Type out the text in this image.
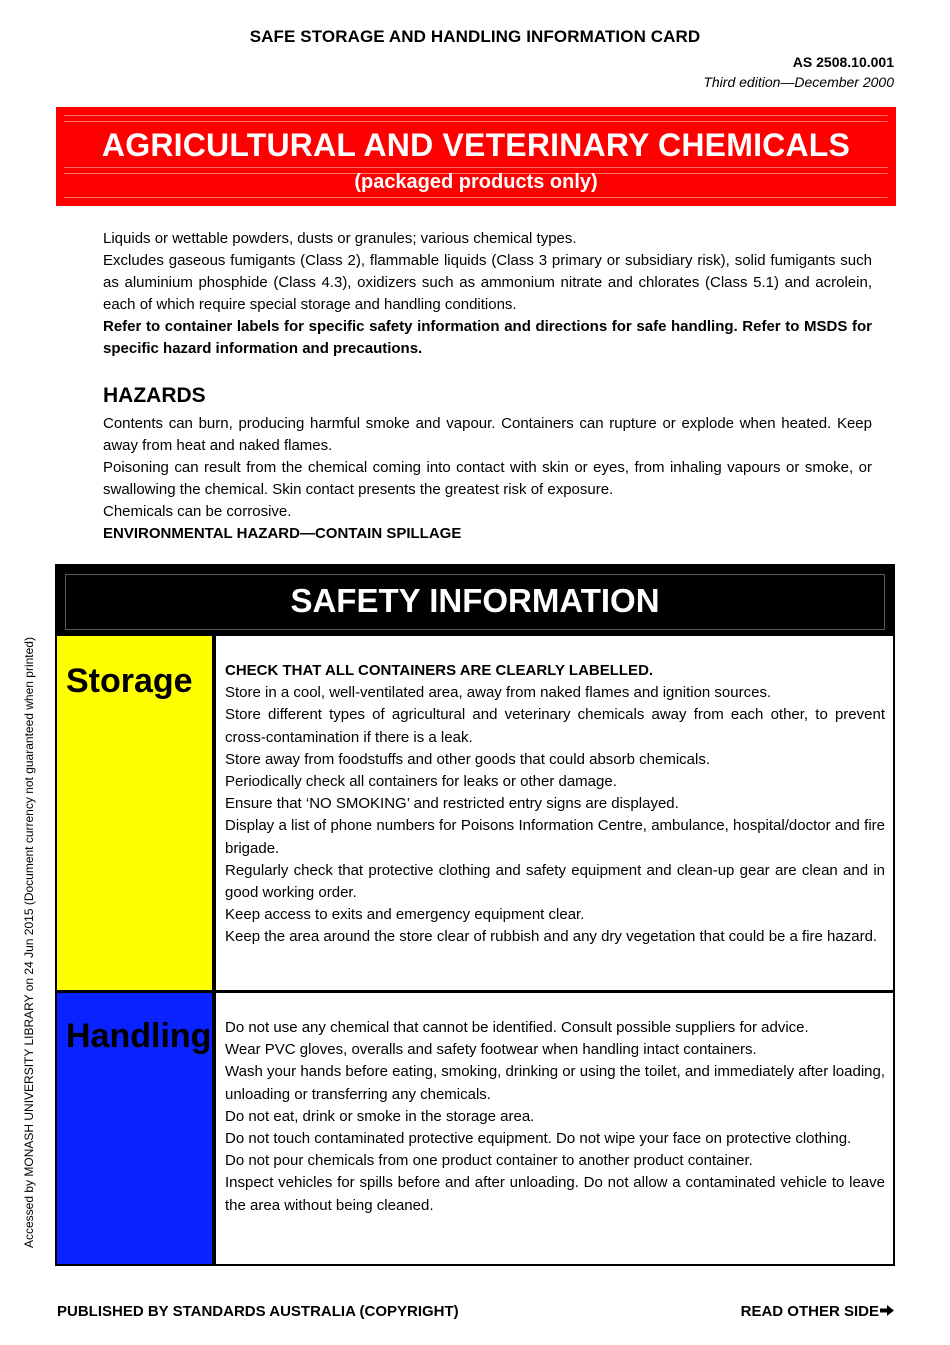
SAFE STORAGE AND HANDLING INFORMATION CARD
AS 2508.10.001
Third edition—December 2000
AGRICULTURAL AND VETERINARY CHEMICALS
(packaged products only)

Liquids or wettable powders, dusts or granules; various chemical types.

Excludes gaseous fumigants (Class 2), flammable liquids (Class 3 primary or subsidiary risk), solid fumigants such as aluminium phosphide (Class 4.3), oxidizers such as ammonium nitrate and chlorates (Class 5.1) and acrolein, each of which require special storage and handling conditions.

Refer to container labels for specific safety information and directions for safe handling. Refer to MSDS for specific hazard information and precautions.

HAZARDS

Contents can burn, producing harmful smoke and vapour. Containers can rupture or explode when heated. Keep away from heat and naked flames.

Poisoning can result from the chemical coming into contact with skin or eyes, from inhaling vapours or smoke, or swallowing the chemical. Skin contact presents the greatest risk of exposure.

Chemicals can be corrosive.

ENVIRONMENTAL HAZARD—CONTAIN SPILLAGE

SAFETY INFORMATION
Storage CHECK THAT ALL CONTAINERS ARE CLEARLY LABELLED.

Store in a cool, well-ventilated area, away from naked flames and ignition sources.

Store different types of agricultural and veterinary chemicals away from each other, to prevent cross-contamination if there is a leak.

Store away from foodstuffs and other goods that could absorb chemicals.

Periodically check all containers for leaks or other damage.

Ensure that ‘NO SMOKING’ and restricted entry signs are displayed.

Display a list of phone numbers for Poisons Information Centre, ambulance, hospital/doctor and fire brigade.

Regularly check that protective clothing and safety equipment and clean-up gear are clean and in good working order.

Keep access to exits and emergency equipment clear.

Keep the area around the store clear of rubbish and any dry vegetation that could be a fire hazard.

Handling Do not use any chemical that cannot be identified. Consult possible suppliers for advice.

Wear PVC gloves, overalls and safety footwear when handling intact containers.

Wash your hands before eating, smoking, drinking or using the toilet, and immediately after loading, unloading or transferring any chemicals.

Do not eat, drink or smoke in the storage area.

Do not touch contaminated protective equipment. Do not wipe your face on protective clothing.

Do not pour chemicals from one product container to another product container.

Inspect vehicles for spills before and after unloading. Do not allow a contaminated vehicle to leave the area without being cleaned.

Accessed by MONASH UNIVERSITY LIBRARY on 24 Jun 2015 (Document currency not guaranteed when printed)
PUBLISHED BY STANDARDS AUSTRALIA (COPYRIGHT)	READ OTHER SIDE
